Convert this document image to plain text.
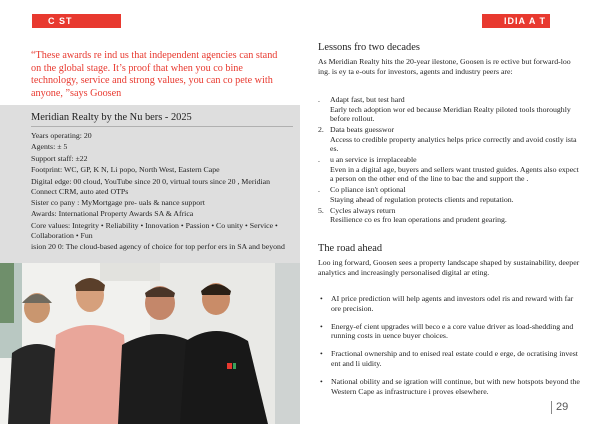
C ST	IDIA A T
“These awards re ind us that independent agencies can stand on the global stage. It’s proof that when you co bine technology, service and strong values, you can co pete with anyone, ”says Goosen
Meridian Realty by the Nu bers - 2025

Years operating: 20

Agents: ± 5

Support staff: ±22

Footprint: WC, GP, K N, Li popo, North West, Eastern Cape

Digital edge: 00 cloud, YouTube since 20 0, virtual tours since 20 , Meridian Connect CRM, auto ated OTPs

Sister co pany : MyMortgage pre- uals & nance support

Awards: International Property Awards SA & Africa

Core values: Integrity • Reliability • Innovation • Passion • Co unity • Service • Collaboration • Fun

ision 20 0: The cloud-based agency of choice for top perfor ers in SA and beyond

Lessons fro two decades
As Meridian Realty hits the 20-year ilestone, Goosen is re ective but forward-loo ing. is ey ta e-outs for investors, agents and industry peers are:
. Adapt fast, but test hard
Early tech adoption wor ed because Meridian Realty piloted tools thoroughly before rollout.
2. Data beats guesswor
Access to credible property analytics helps price correctly and avoid costly ista es.
. u an service is irreplaceable
Even in a digital age, buyers and sellers want trusted guides. Agents also expect a person on the other end of the line to bac the and support the .
. Co pliance isn't optional
Staying ahead of regulation protects clients and reputation.
5. Cycles always return
Resilience co es fro lean operations and prudent gearing.
The road ahead
Loo ing forward, Goosen sees a property landscape shaped by sustainability, deeper analytics and increasingly personalised digital ar eting.
• AI price prediction will help agents and investors odel ris and reward with far ore precision.
• Energy-ef cient upgrades will beco e a core value driver as load-shedding and running costs in uence buyer choices.
• Fractional ownership and to enised real estate could e erge, de ocratising invest ent and li uidity.
• National obility and se igration will continue, but with new hotspots beyond the Western Cape as infrastructure i proves elsewhere.
29
